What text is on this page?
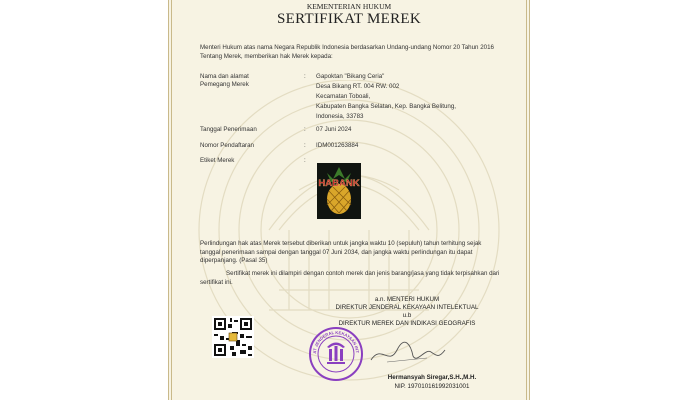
KEMENTERIAN HUKUM
SERTIFIKAT MEREK
Menteri Hukum atas nama Negara Republik Indonesia berdasarkan Undang-undang Nomor 20 Tahun 2016 Tentang Merek, memberikan hak Merek kepada:
Nama dan alamat
Pemegang Merek
: Gapoktan "Bikang Ceria"
Desa Bikang RT. 004 RW. 002
Kecamatan Toboali,
Kabupaten Bangka Selatan, Kep. Bangka Belitung,
Indonesia, 33783
Tanggal Penerimaan	: 07 Juni 2024
Nomor Pendaftaran	: IDM001263884
Etiket Merek	:
HABANK
Perlindungan hak atas Merek tersebut diberikan untuk jangka waktu 10 (sepuluh) tahun terhitung sejak tanggal penerimaan sampai dengan tanggal 07 Juni 2034, dan jangka waktu perlindungan itu dapat diperpanjang. (Pasal 35)
Sertifikat merek ini dilampiri dengan contoh merek dan jenis barang/jasa yang tidak terpisahkan dari sertifikat ini.
a.n. MENTERI HUKUM
DIREKTUR JENDERAL KEKAYAAN INTELEKTUAL
u.b
DIREKTUR MEREK DAN INDIKASI GEOGRAFIS
AT JENDERAL KEKAYAAN INT
Hermansyah Siregar,S.H.,M.H.
NIP. 197010161992031001
